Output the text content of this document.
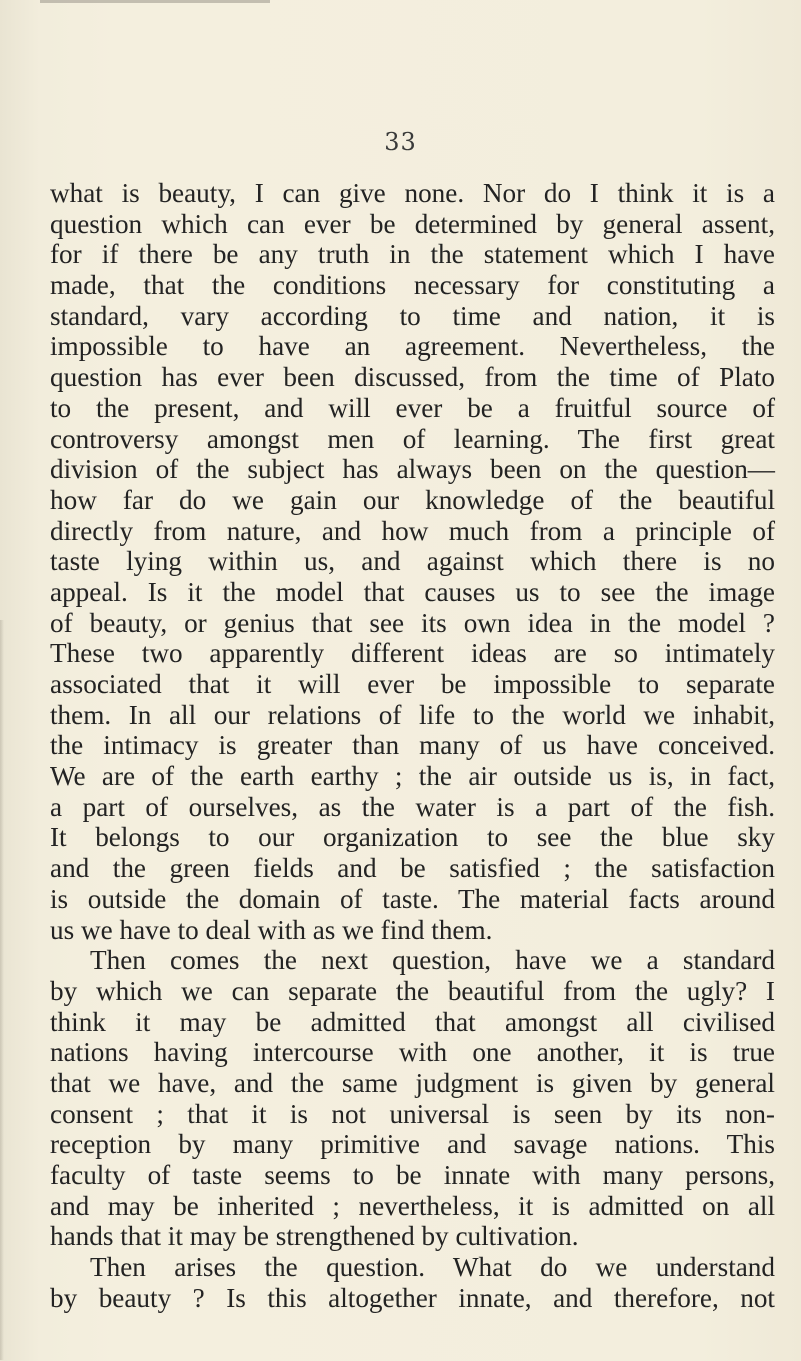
33
what is beauty, I can give none. Nor do I think it is a
question which can ever be determined by general assent,
for if there be any truth in the statement which I have
made, that the conditions necessary for constituting a
standard, vary according to time and nation, it is
impossible to have an agreement. Nevertheless, the
question has ever been discussed, from the time of Plato
to the present, and will ever be a fruitful source of
controversy amongst men of learning. The first great
division of the subject has always been on the question—
how far do we gain our knowledge of the beautiful
directly from nature, and how much from a principle of
taste lying within us, and against which there is no
appeal. Is it the model that causes us to see the image
of beauty, or genius that see its own idea in the model ?
These two apparently different ideas are so intimately
associated that it will ever be impossible to separate
them. In all our relations of life to the world we inhabit,
the intimacy is greater than many of us have conceived.
We are of the earth earthy ; the air outside us is, in fact,
a part of ourselves, as the water is a part of the fish.
It belongs to our organization to see the blue sky
and the green fields and be satisfied ; the satisfaction
is outside the domain of taste. The material facts around
us we have to deal with as we find them.
Then comes the next question, have we a standard
by which we can separate the beautiful from the ugly? I
think it may be admitted that amongst all civilised
nations having intercourse with one another, it is true
that we have, and the same judgment is given by general
consent ; that it is not universal is seen by its non-
reception by many primitive and savage nations. This
faculty of taste seems to be innate with many persons,
and may be inherited ; nevertheless, it is admitted on all
hands that it may be strengthened by cultivation.
Then arises the question. What do we understand
by beauty ? Is this altogether innate, and therefore, not
